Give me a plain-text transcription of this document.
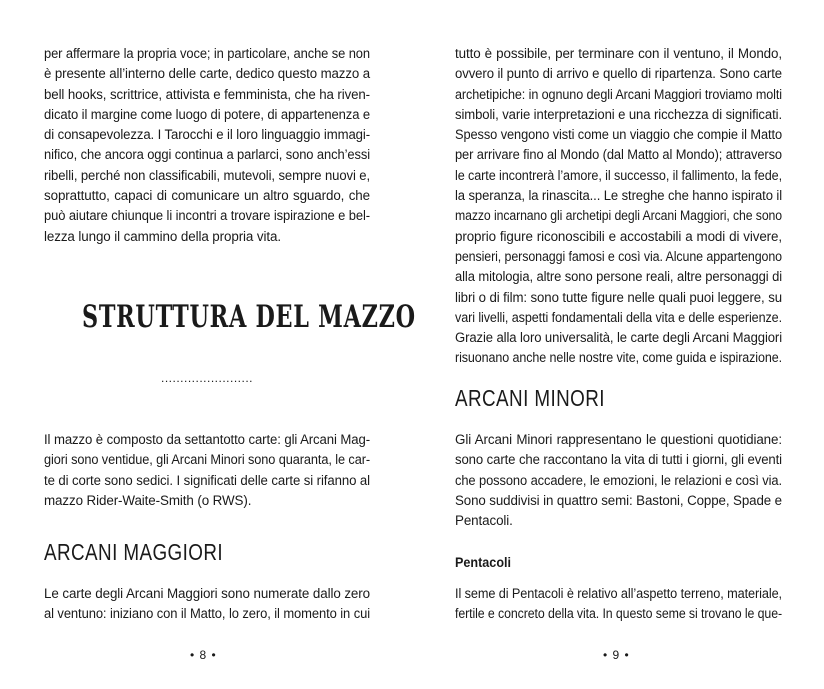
per affermare la propria voce; in particolare, anche se non
è presente all’interno delle carte, dedico questo mazzo a
bell hooks, scrittrice, attivista e femminista, che ha riven-
dicato il margine come luogo di potere, di appartenenza e
di consapevolezza. I Tarocchi e il loro linguaggio immagi-
nifico, che ancora oggi continua a parlarci, sono anch’essi
ribelli, perché non classificabili, mutevoli, sempre nuovi e,
soprattutto, capaci di comunicare un altro sguardo, che
può aiutare chiunque li incontri a trovare ispirazione e bel-
lezza lungo il cammino della propria vita.
STRUTTURA DEL MAZZO
........................
Il mazzo è composto da settantotto carte: gli Arcani Mag-
giori sono ventidue, gli Arcani Minori sono quaranta, le car-
te di corte sono sedici. I significati delle carte si rifanno al
mazzo Rider-Waite-Smith (o RWS).
ARCANI MAGGIORI
Le carte degli Arcani Maggiori sono numerate dallo zero
al ventuno: iniziano con il Matto, lo zero, il momento in cui
• 8 •
tutto è possibile, per terminare con il ventuno, il Mondo,
ovvero il punto di arrivo e quello di ripartenza. Sono carte
archetipiche: in ognuno degli Arcani Maggiori troviamo molti
simboli, varie interpretazioni e una ricchezza di significati.
Spesso vengono visti come un viaggio che compie il Matto
per arrivare fino al Mondo (dal Matto al Mondo); attraverso
le carte incontrerà l’amore, il successo, il fallimento, la fede,
la speranza, la rinascita... Le streghe che hanno ispirato il
mazzo incarnano gli archetipi degli Arcani Maggiori, che sono
proprio figure riconoscibili e accostabili a modi di vivere,
pensieri, personaggi famosi e così via. Alcune appartengono
alla mitologia, altre sono persone reali, altre personaggi di
libri o di film: sono tutte figure nelle quali puoi leggere, su
vari livelli, aspetti fondamentali della vita e delle esperienze.
Grazie alla loro universalità, le carte degli Arcani Maggiori
risuonano anche nelle nostre vite, come guida e ispirazione.
ARCANI MINORI
Gli Arcani Minori rappresentano le questioni quotidiane:
sono carte che raccontano la vita di tutti i giorni, gli eventi
che possono accadere, le emozioni, le relazioni e così via.
Sono suddivisi in quattro semi: Bastoni, Coppe, Spade e
Pentacoli.
Pentacoli
Il seme di Pentacoli è relativo all’aspetto terreno, materiale,
fertile e concreto della vita. In questo seme si trovano le que-
• 9 •
